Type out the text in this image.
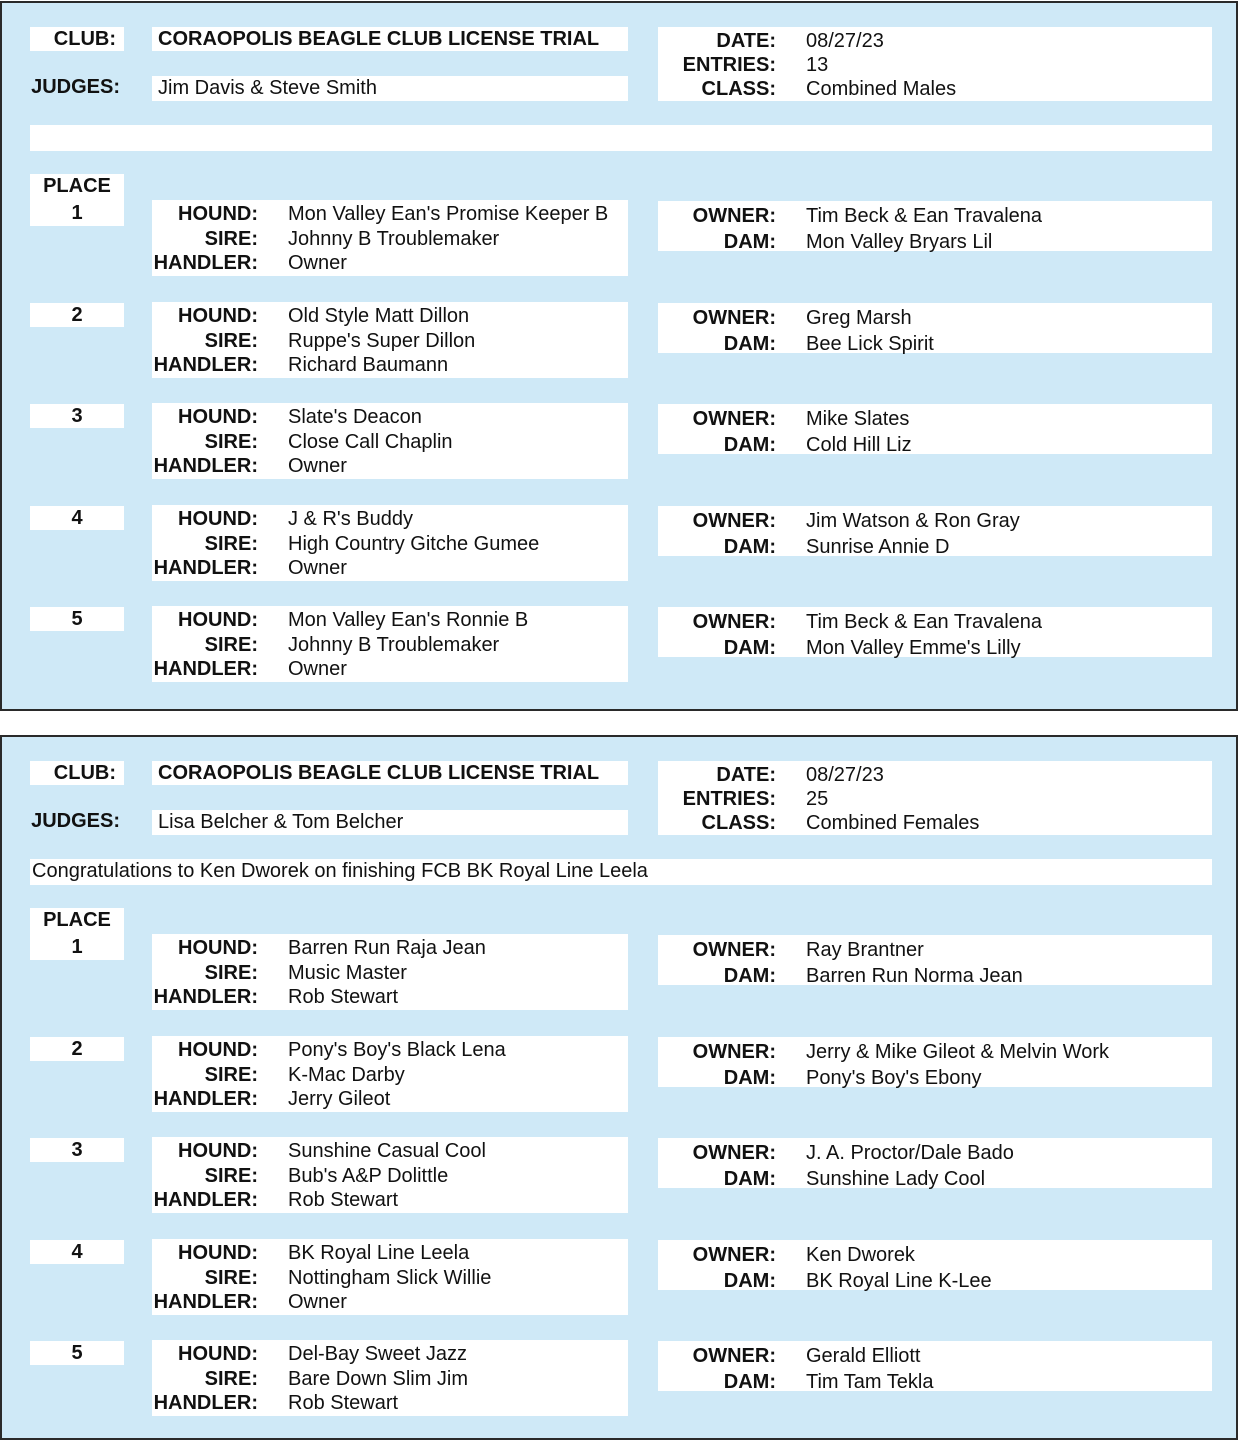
CLUB: CORAOPOLIS BEAGLE CLUB LICENSE TRIAL
JUDGES: Jim Davis & Steve Smith
DATE: 08/27/23
ENTRIES: 13
CLASS: Combined Males
PLACE
1	HOUND: Mon Valley Ean's Promise Keeper B
SIRE: Johnny B Troublemaker
HANDLER: Owner
OWNER: Tim Beck & Ean Travalena
DAM: Mon Valley Bryars Lil
2	HOUND: Old Style Matt Dillon
SIRE: Ruppe's Super Dillon
HANDLER: Richard Baumann
OWNER: Greg Marsh
DAM: Bee Lick Spirit
3	HOUND: Slate's Deacon
SIRE: Close Call Chaplin
HANDLER: Owner
OWNER: Mike Slates
DAM: Cold Hill Liz
4	HOUND: J & R's Buddy
SIRE: High Country Gitche Gumee
HANDLER: Owner
OWNER: Jim Watson & Ron Gray
DAM: Sunrise Annie D
5	HOUND: Mon Valley Ean's Ronnie B
SIRE: Johnny B Troublemaker
HANDLER: Owner
OWNER: Tim Beck & Ean Travalena
DAM: Mon Valley Emme's Lilly
CLUB: CORAOPOLIS BEAGLE CLUB LICENSE TRIAL
JUDGES: Lisa Belcher & Tom Belcher
DATE: 08/27/23
ENTRIES: 25
CLASS: Combined Females
Congratulations to Ken Dworek on finishing FCB BK Royal Line Leela
PLACE
1	HOUND: Barren Run Raja Jean
SIRE: Music Master
HANDLER: Rob Stewart
OWNER: Ray Brantner
DAM: Barren Run Norma Jean
2	HOUND: Pony's Boy's Black Lena
SIRE: K-Mac Darby
HANDLER: Jerry Gileot
OWNER: Jerry & Mike Gileot & Melvin Work
DAM: Pony's Boy's Ebony
3	HOUND: Sunshine Casual Cool
SIRE: Bub's A&P Dolittle
HANDLER: Rob Stewart
OWNER: J. A. Proctor/Dale Bado
DAM: Sunshine Lady Cool
4	HOUND: BK Royal Line Leela
SIRE: Nottingham Slick Willie
HANDLER: Owner
OWNER: Ken Dworek
DAM: BK Royal Line K-Lee
5	HOUND: Del-Bay Sweet Jazz
SIRE: Bare Down Slim Jim
HANDLER: Rob Stewart
OWNER: Gerald Elliott
DAM: Tim Tam Tekla
